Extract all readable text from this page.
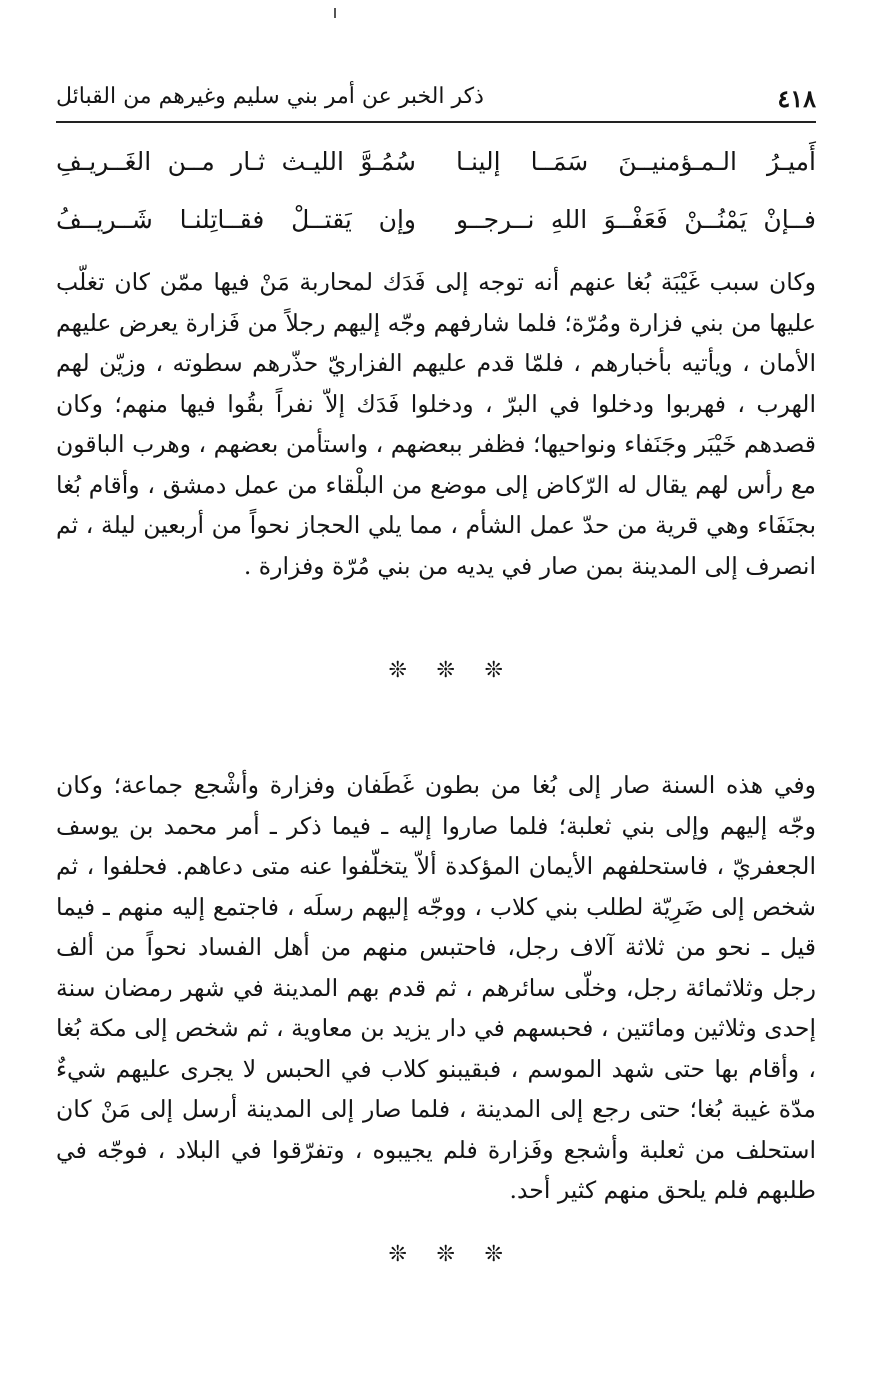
٤١٨
ذكر الخبر عن أمر بني سليم وغيرهم من القبائل
أَميـرُ الـمـؤمنيــنَ سَمَــا إلينـا
سُمُـوَّ الليـث ثـار مــن الغَــريـفِ
فــإنْ يَمْنُــنْ فَعَفْــوَ اللهِ نــرجــو
وإن يَقتــلْ فقــاتِلنـا شَــريــفُ

وكان سبب غَيْبَة بُغا عنهم أنه توجه إلى فَدَك لمحاربة مَنْ فيها ممّن كان تغلّب عليها من بني فزارة ومُرّة؛ فلما شارفهم وجّه إليهم رجلاً من فَزارة يعرض عليهم الأمان ، ويأتيه بأخبارهم ، فلمّا قدم عليهم الفزاريّ حذّرهم سطوته ، وزيّن لهم الهرب ، فهربوا ودخلوا في البرّ ، ودخلوا فَدَك إلاّ نفراً بقُوا فيها منهم؛ وكان قصدهم خَيْبَر وجَنَفاء ونواحيها؛ فظفر ببعضهم ، واستأمن بعضهم ، وهرب الباقون مع رأس لهم يقال له الرّكاض إلى موضع من البلْقاء من عمل دمشق ، وأقام بُغا بجنَفَاء وهي قرية من حدّ عمل الشأم ، مما يلي الحجاز نحواً من أربعين ليلة ، ثم انصرف إلى المدينة بمن صار في يديه من بني مُرّة وفزارة .

❊ ❊ ❊

وفي هذه السنة صار إلى بُغا من بطون غَطَفان وفزارة وأشْجع جماعة؛ وكان وجّه إليهم وإلى بني ثعلبة؛ فلما صاروا إليه ـ فيما ذكر ـ أمر محمد بن يوسف الجعفريّ ، فاستحلفهم الأيمان المؤكدة ألاّ يتخلّفوا عنه متى دعاهم. فحلفوا ، ثم شخص إلى ضَرِيّة لطلب بني كلاب ، ووجّه إليهم رسلَه ، فاجتمع إليه منهم ـ فيما قيل ـ نحو من ثلاثة آلاف رجل، فاحتبس منهم من أهل الفساد نحواً من ألف رجل وثلاثمائة رجل، وخلّى سائرهم ، ثم قدم بهم المدينة في شهر رمضان سنة إحدى وثلاثين ومائتين ، فحبسهم في دار يزيد بن معاوية ، ثم شخص إلى مكة بُغا ، وأقام بها حتى شهد الموسم ، فبقيبنو كلاب في الحبس لا يجرى عليهم شيءٌ مدّة غيبة بُغا؛ حتى رجع إلى المدينة ، فلما صار إلى المدينة أرسل إلى مَنْ كان استحلف من ثعلبة وأشجع وفَزارة فلم يجيبوه ، وتفرّقوا في البلاد ، فوجّه في طلبهم فلم يلحق منهم كثير أحد.

❊ ❊ ❊
